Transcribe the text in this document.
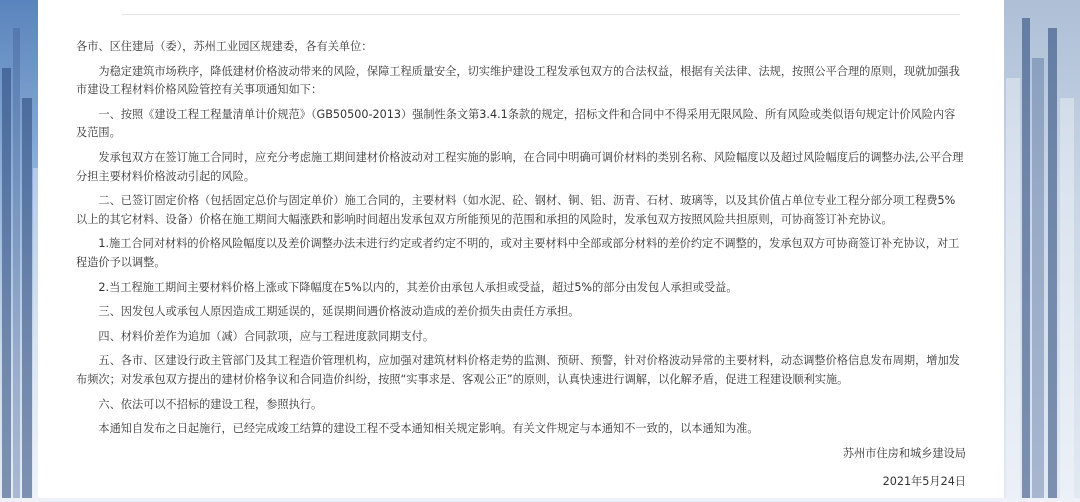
各市、区住建局（委），苏州工业园区规建委，各有关单位：

为稳定建筑市场秩序，降低建材价格波动带来的风险，保障工程质量安全，切实维护建设工程发承包双方的合法权益，根据有关法律、法规，按照公平合理的原则，现就加强我市建设工程材料价格风险管控有关事项通知如下：

一、按照《建设工程工程量清单计价规范》（GB50500-2013）强制性条文第3.4.1条款的规定，招标文件和合同中不得采用无限风险、所有风险或类似语句规定计价风险内容及范围。

发承包双方在签订施工合同时，应充分考虑施工期间建材价格波动对工程实施的影响，在合同中明确可调价材料的类别名称、风险幅度以及超过风险幅度后的调整办法,公平合理分担主要材料价格波动引起的风险。

二、已签订固定价格（包括固定总价与固定单价）施工合同的，主要材料（如水泥、砼、钢材、铜、铝、沥青、石材、玻璃等，以及其价值占单位专业工程分部分项工程费5%以上的其它材料、设备）价格在施工期间大幅涨跌和影响时间超出发承包双方所能预见的范围和承担的风险时，发承包双方按照风险共担原则，可协商签订补充协议。

1.施工合同对材料的价格风险幅度以及差价调整办法未进行约定或者约定不明的，或对主要材料中全部或部分材料的差价约定不调整的，发承包双方可协商签订补充协议，对工程造价予以调整。

2.当工程施工期间主要材料价格上涨或下降幅度在5%以内的，其差价由承包人承担或受益，超过5%的部分由发包人承担或受益。

三、因发包人或承包人原因造成工期延误的，延误期间遇价格波动造成的差价损失由责任方承担。

四、材料价差作为追加（减）合同款项，应与工程进度款同期支付。

五、各市、区建设行政主管部门及其工程造价管理机构，应加强对建筑材料价格走势的监测、预研、预警，针对价格波动异常的主要材料，动态调整价格信息发布周期，增加发布频次；对发承包双方提出的建材价格争议和合同造价纠纷，按照“实事求是、客观公正”的原则，认真快速进行调解，以化解矛盾，促进工程建设顺利实施。

六、依法可以不招标的建设工程，参照执行。

本通知自发布之日起施行，已经完成竣工结算的建设工程不受本通知相关规定影响。有关文件规定与本通知不一致的，以本通知为准。

苏州市住房和城乡建设局

2021年5月24日
